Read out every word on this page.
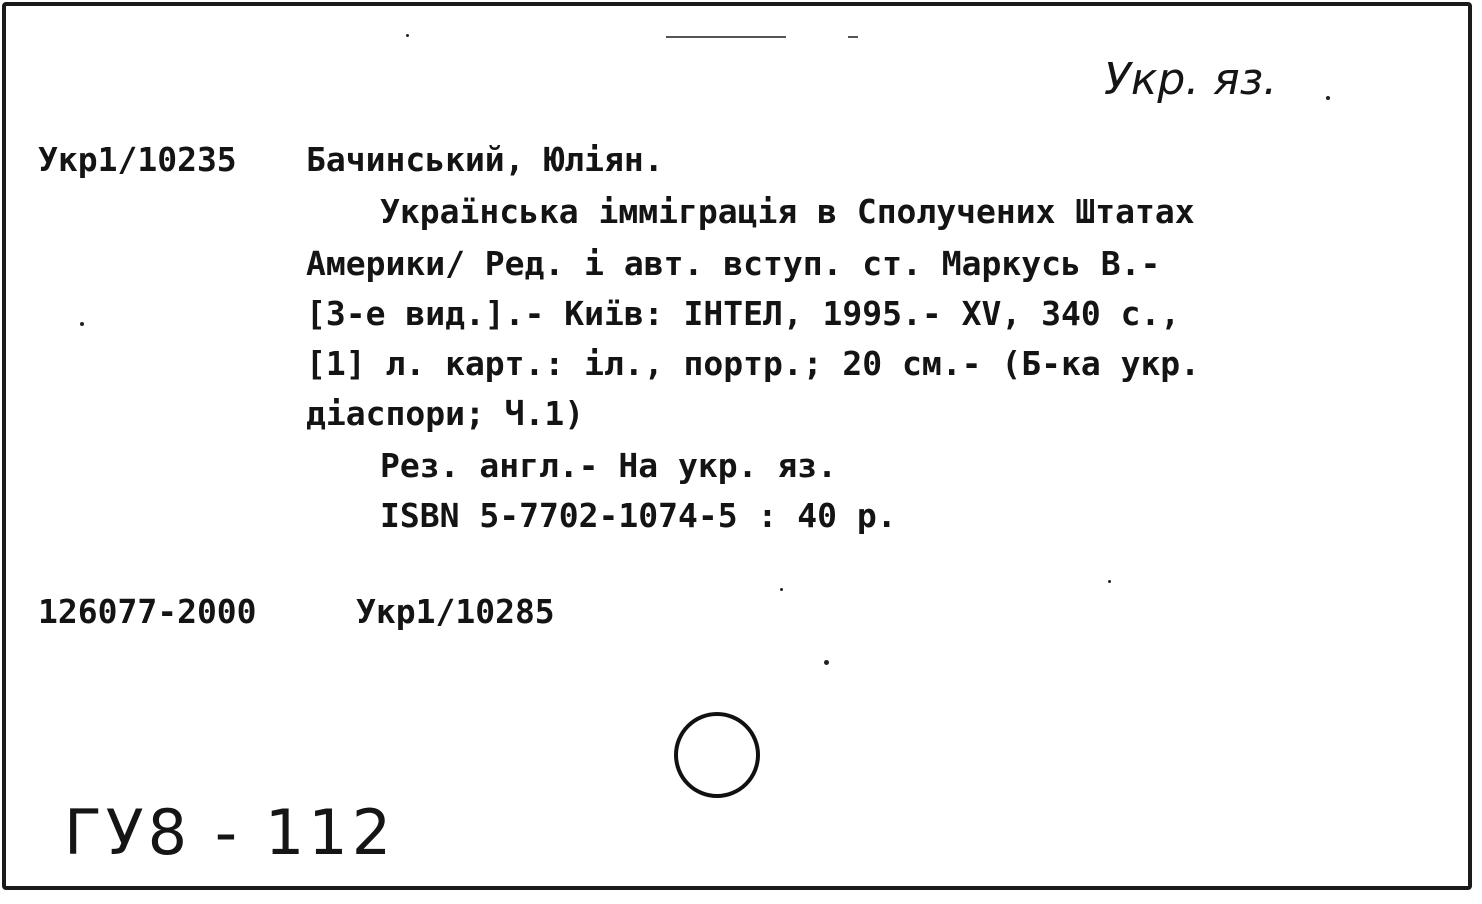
Укр. яз.
Укр1/10235 Бачинський, Юліян.
Українська імміграція в Сполучених Штатах
Америки/ Ред. і авт. вступ. ст. Маркусь В.-
[3-е вид.].- Київ: ІНТЕЛ, 1995.- XV, 340 с.,
[1] л. карт.: іл., портр.; 20 см.- (Б-ка укр.
діаспори; Ч.1)
Рез. англ.- На укр. яз.
ISBN 5-7702-1074-5 : 40 р.
126077-2000	Укр1/10285
ГУ8 - 112
